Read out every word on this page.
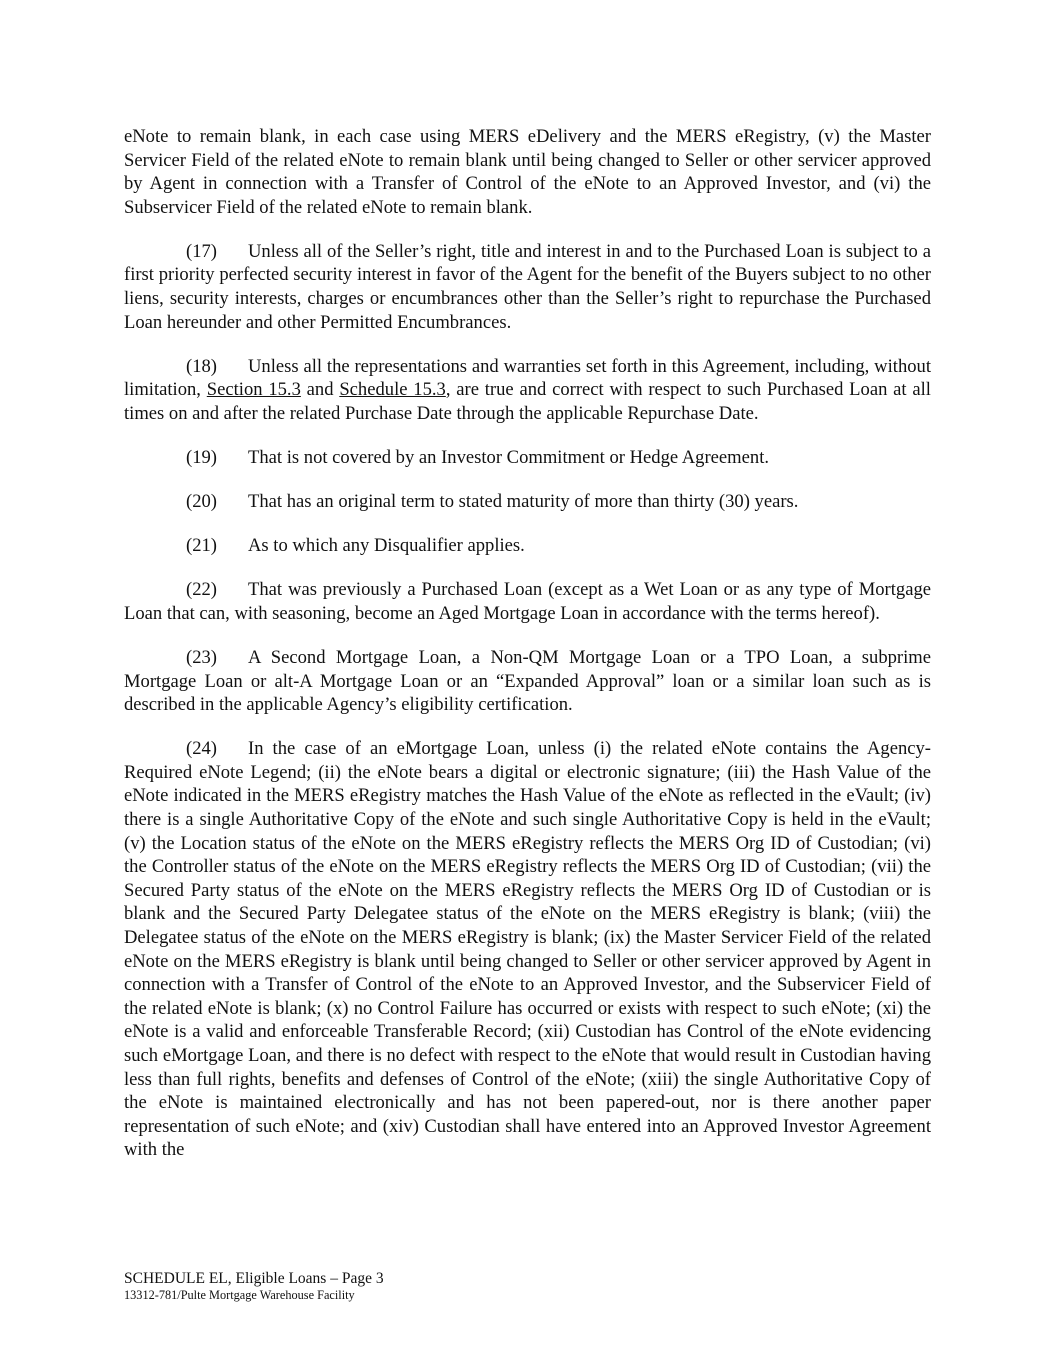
eNote to remain blank, in each case using MERS eDelivery and the MERS eRegistry, (v) the Master Servicer Field of the related eNote to remain blank until being changed to Seller or other servicer approved by Agent in connection with a Transfer of Control of the eNote to an Approved Investor, and (vi) the Subservicer Field of the related eNote to remain blank.

(17) Unless all of the Seller’s right, title and interest in and to the Purchased Loan is subject to a first priority perfected security interest in favor of the Agent for the benefit of the Buyers subject to no other liens, security interests, charges or encumbrances other than the Seller’s right to repurchase the Purchased Loan hereunder and other Permitted Encumbrances.

(18) Unless all the representations and warranties set forth in this Agreement, including, without limitation, Section 15.3 and Schedule 15.3, are true and correct with respect to such Purchased Loan at all times on and after the related Purchase Date through the applicable Repurchase Date.

(19) That is not covered by an Investor Commitment or Hedge Agreement.

(20) That has an original term to stated maturity of more than thirty (30) years.

(21) As to which any Disqualifier applies.

(22) That was previously a Purchased Loan (except as a Wet Loan or as any type of Mortgage Loan that can, with seasoning, become an Aged Mortgage Loan in accordance with the terms hereof).

(23) A Second Mortgage Loan, a Non-QM Mortgage Loan or a TPO Loan, a subprime Mortgage Loan or alt-A Mortgage Loan or an “Expanded Approval” loan or a similar loan such as is described in the applicable Agency’s eligibility certification.

(24) In the case of an eMortgage Loan, unless (i) the related eNote contains the Agency-Required eNote Legend; (ii) the eNote bears a digital or electronic signature; (iii) the Hash Value of the eNote indicated in the MERS eRegistry matches the Hash Value of the eNote as reflected in the eVault; (iv) there is a single Authoritative Copy of the eNote and such single Authoritative Copy is held in the eVault; (v) the Location status of the eNote on the MERS eRegistry reflects the MERS Org ID of Custodian; (vi) the Controller status of the eNote on the MERS eRegistry reflects the MERS Org ID of Custodian; (vii) the Secured Party status of the eNote on the MERS eRegistry reflects the MERS Org ID of Custodian or is blank and the Secured Party Delegatee status of the eNote on the MERS eRegistry is blank; (viii) the Delegatee status of the eNote on the MERS eRegistry is blank; (ix) the Master Servicer Field of the related eNote on the MERS eRegistry is blank until being changed to Seller or other servicer approved by Agent in connection with a Transfer of Control of the eNote to an Approved Investor, and the Subservicer Field of the related eNote is blank; (x) no Control Failure has occurred or exists with respect to such eNote; (xi) the eNote is a valid and enforceable Transferable Record; (xii) Custodian has Control of the eNote evidencing such eMortgage Loan, and there is no defect with respect to the eNote that would result in Custodian having less than full rights, benefits and defenses of Control of the eNote; (xiii) the single Authoritative Copy of the eNote is maintained electronically and has not been papered-out, nor is there another paper representation of such eNote; and (xiv) Custodian shall have entered into an Approved Investor Agreement with the

SCHEDULE EL, Eligible Loans – Page 3
13312-781/Pulte Mortgage Warehouse Facility
